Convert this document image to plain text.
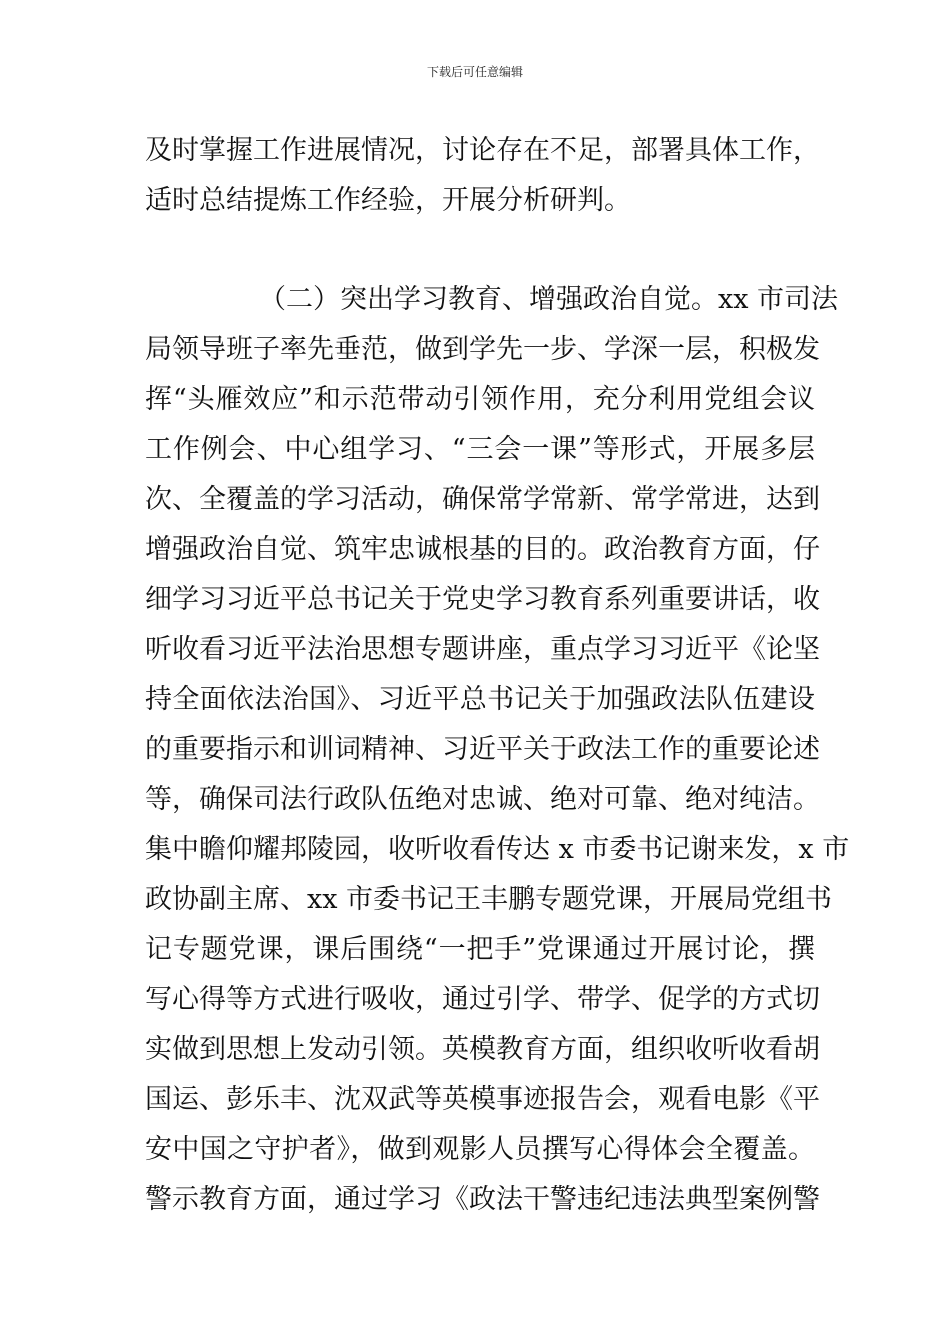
下载后可任意编辑
及时掌握工作进展情况，讨论存在不足，部署具体工作，
适时总结提炼工作经验，开展分析研判。
（二）突出学习教育、增强政治自觉。xx 市司法
局领导班子率先垂范，做到学先一步、学深一层，积极发
挥“头雁效应”和示范带动引领作用，充分利用党组会议
工作例会、中心组学习、“三会一课”等形式，开展多层
次、全覆盖的学习活动，确保常学常新、常学常进，达到
增强政治自觉、筑牢忠诚根基的目的。政治教育方面，仔
细学习习近平总书记关于党史学习教育系列重要讲话，收
听收看习近平法治思想专题讲座，重点学习习近平《论坚
持全面依法治国》、习近平总书记关于加强政法队伍建设
的重要指示和训词精神、习近平关于政法工作的重要论述
等，确保司法行政队伍绝对忠诚、绝对可靠、绝对纯洁。
集中瞻仰耀邦陵园，收听收看传达 x 市委书记谢来发，x 市
政协副主席、xx 市委书记王丰鹏专题党课，开展局党组书
记专题党课，课后围绕“一把手”党课通过开展讨论，撰
写心得等方式进行吸收，通过引学、带学、促学的方式切
实做到思想上发动引领。英模教育方面，组织收听收看胡
国运、彭乐丰、沈双武等英模事迹报告会，观看电影《平
安中国之守护者》，做到观影人员撰写心得体会全覆盖。
警示教育方面，通过学习《政法干警违纪违法典型案例警
